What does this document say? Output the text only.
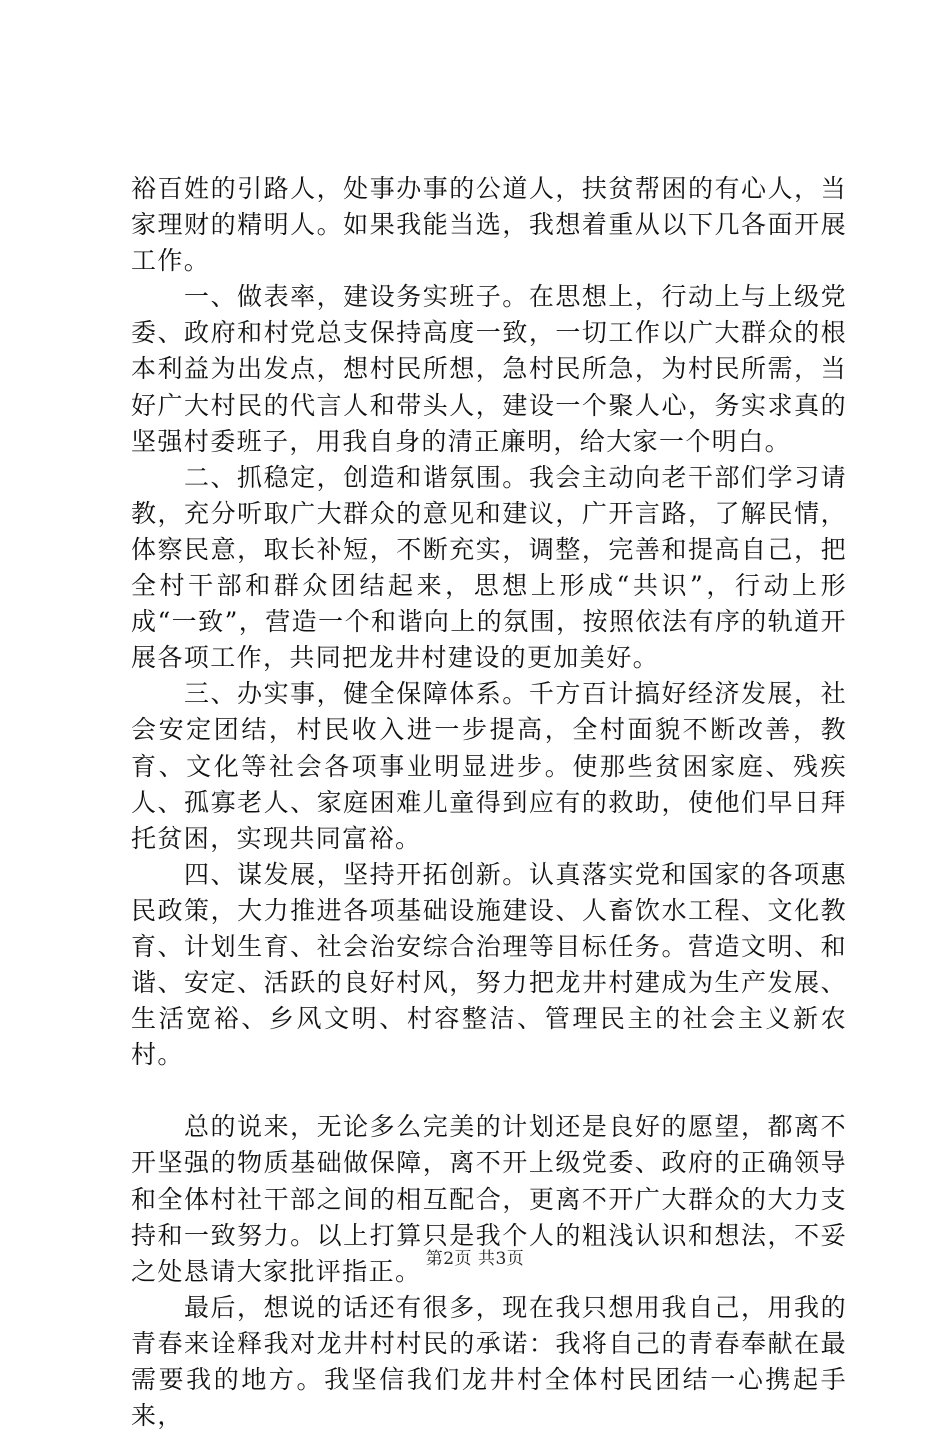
裕百姓的引路人，处事办事的公道人，扶贫帮困的有心人，当家理财的精明人。如果我能当选，我想着重从以下几各面开展工作。

一、做表率，建设务实班子。在思想上，行动上与上级党委、政府和村党总支保持高度一致，一切工作以广大群众的根本利益为出发点，想村民所想，急村民所急，为村民所需，当好广大村民的代言人和带头人，建设一个聚人心，务实求真的坚强村委班子，用我自身的清正廉明，给大家一个明白。

二、抓稳定，创造和谐氛围。我会主动向老干部们学习请教，充分听取广大群众的意见和建议，广开言路，了解民情，体察民意，取长补短，不断充实，调整，完善和提高自己，把全村干部和群众团结起来，思想上形成“共识”，行动上形成“一致”，营造一个和谐向上的氛围，按照依法有序的轨道开展各项工作，共同把龙井村建设的更加美好。

三、办实事，健全保障体系。千方百计搞好经济发展，社会安定团结，村民收入进一步提高，全村面貌不断改善，教育、文化等社会各项事业明显进步。使那些贫困家庭、残疾人、孤寡老人、家庭困难儿童得到应有的救助，使他们早日拜托贫困，实现共同富裕。

四、谋发展，坚持开拓创新。认真落实党和国家的各项惠民政策，大力推进各项基础设施建设、人畜饮水工程、文化教育、计划生育、社会治安综合治理等目标任务。营造文明、和谐、安定、活跃的良好村风，努力把龙井村建成为生产发展、生活宽裕、乡风文明、村容整洁、管理民主的社会主义新农村。

总的说来，无论多么完美的计划还是良好的愿望，都离不开坚强的物质基础做保障，离不开上级党委、政府的正确领导和全体村社干部之间的相互配合，更离不开广大群众的大力支持和一致努力。以上打算只是我个人的粗浅认识和想法，不妥之处恳请大家批评指正。

最后，想说的话还有很多，现在我只想用我自己，用我的青春来诠释我对龙井村村民的承诺：我将自己的青春奉献在最需要我的地方。我坚信我们龙井村全体村民团结一心携起手来，

第2页 共3页
